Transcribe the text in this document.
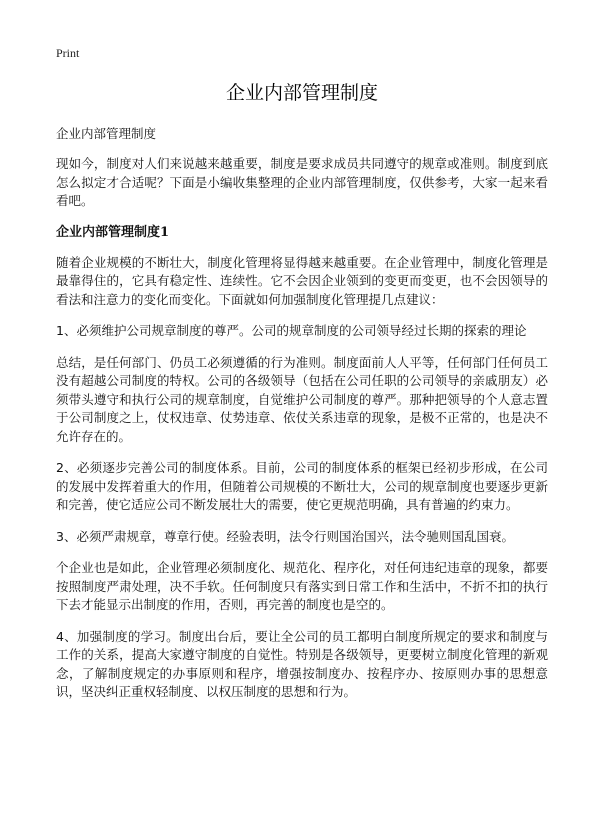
Print
企业内部管理制度
企业内部管理制度

现如今，制度对人们来说越来越重要，制度是要求成员共同遵守的规章或准则。制度到底怎么拟定才合适呢？下面是小编收集整理的企业内部管理制度，仅供参考，大家一起来看看吧。

企业内部管理制度1

随着企业规模的不断壮大，制度化管理将显得越来越重要。在企业管理中，制度化管理是最靠得住的，它具有稳定性、连续性。它不会因企业领到的变更而变更，也不会因领导的看法和注意力的变化而变化。下面就如何加强制度化管理提几点建议：

1、必须维护公司规章制度的尊严。公司的规章制度的公司领导经过长期的探索的理论

总结，是任何部门、仍员工必须遵循的行为准则。制度面前人人平等，任何部门任何员工没有超越公司制度的特权。公司的各级领导（包括在公司任职的公司领导的亲戚朋友）必须带头遵守和执行公司的规章制度，自觉维护公司制度的尊严。那种把领导的个人意志置于公司制度之上，仗权违章、仗势违章、依仗关系违章的现象，是极不正常的，也是决不允许存在的。

2、必须逐步完善公司的制度体系。目前，公司的制度体系的框架已经初步形成，在公司的发展中发挥着重大的作用，但随着公司规模的不断壮大，公司的规章制度也要逐步更新和完善，使它适应公司不断发展壮大的需要，使它更规范明确，具有普遍的约束力。

3、必须严肃规章，尊章行使。经验表明，法令行则国治国兴，法令驰则国乱国衰。

个企业也是如此，企业管理必须制度化、规范化、程序化，对任何违纪违章的现象，都要按照制度严肃处理，决不手软。任何制度只有落实到日常工作和生活中，不折不扣的执行下去才能显示出制度的作用，否则，再完善的制度也是空的。

4、加强制度的学习。制度出台后，要让全公司的员工都明白制度所规定的要求和制度与工作的关系，提高大家遵守制度的自觉性。特别是各级领导，更要树立制度化管理的新观念，了解制度规定的办事原则和程序，增强按制度办、按程序办、按原则办事的思想意识，坚决纠正重权轻制度、以权压制度的思想和行为。
